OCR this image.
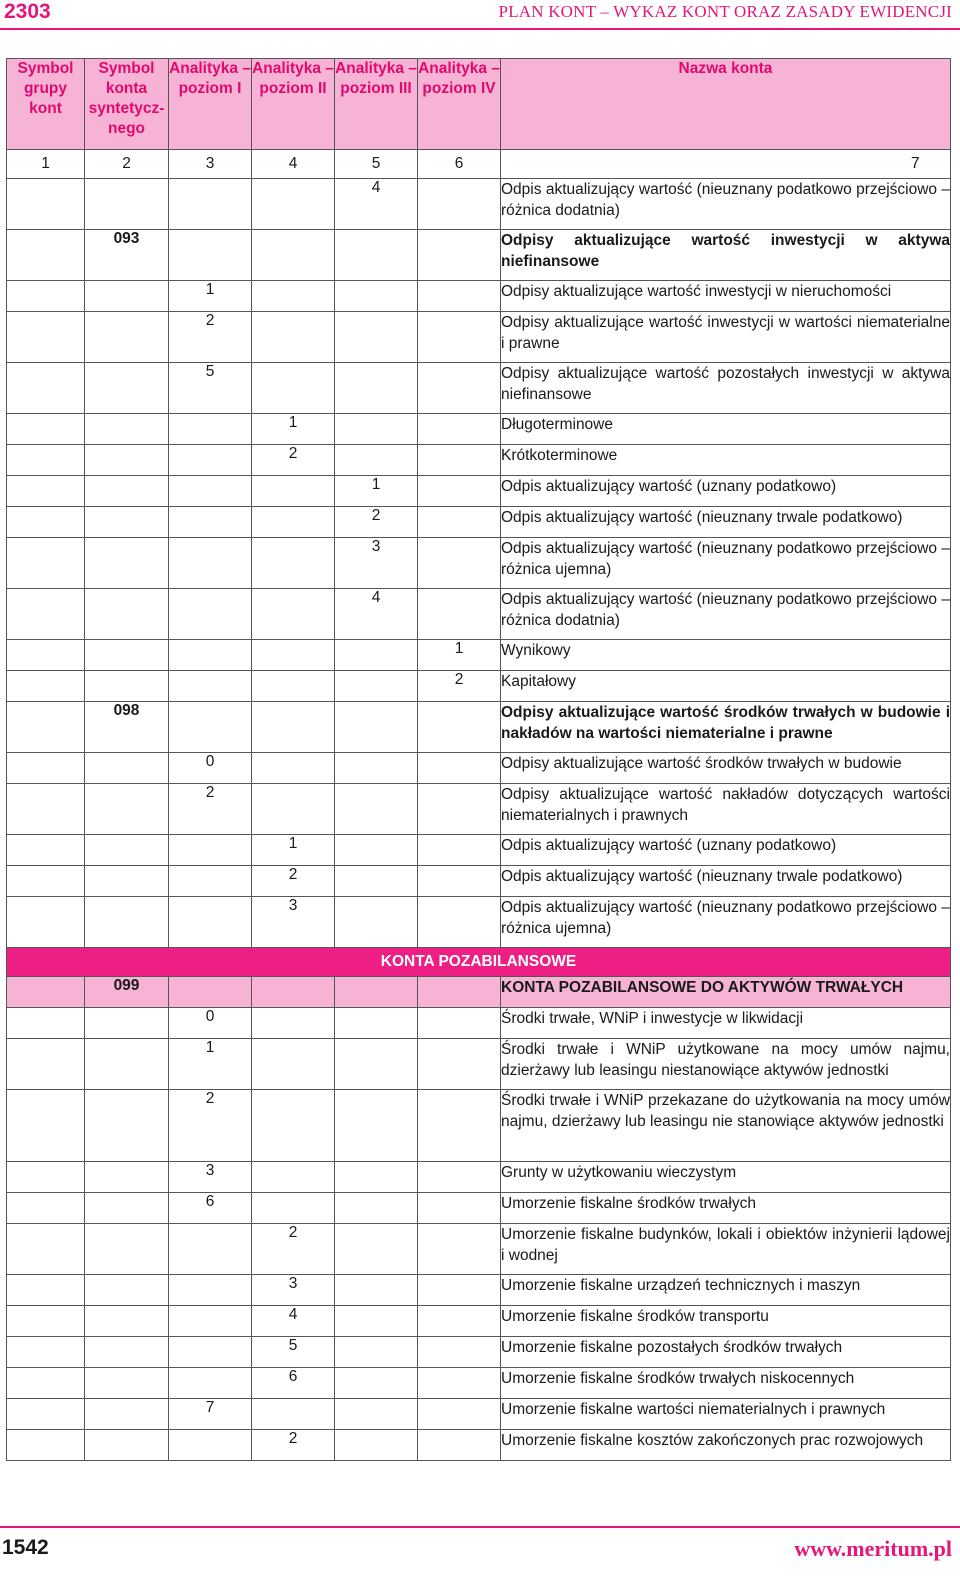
2303	PLAN KONT – WYKAZ KONT ORAZ ZASADY EWIDENCJI
Symbol grupy kont	Symbol konta syntetycz- nego	Analityka – poziom I	Analityka – poziom II	Analityka – poziom III	Analityka – poziom IV	Nazwa konta
1	2	3	4	5	6	7
				4		Odpis aktualizujący wartość (nieuznany podatkowo przejściowo – różnica dodatnia)
	093					Odpisy aktualizujące wartość inwestycji w aktywa niefinansowe
		1				Odpisy aktualizujące wartość inwestycji w nieruchomości
		2				Odpisy aktualizujące wartość inwestycji w wartości niematerialne i prawne
		5				Odpisy aktualizujące wartość pozostałych inwestycji w aktywa niefinansowe
			1			Długoterminowe
			2			Krótkoterminowe
				1		Odpis aktualizujący wartość (uznany podatkowo)
				2		Odpis aktualizujący wartość (nieuznany trwale podatkowo)
				3		Odpis aktualizujący wartość (nieuznany podatkowo przejściowo – różnica ujemna)
				4		Odpis aktualizujący wartość (nieuznany podatkowo przejściowo – różnica dodatnia)
					1	Wynikowy
					2	Kapitałowy
	098					Odpisy aktualizujące wartość środków trwałych w budowie i nakładów na wartości niematerialne i prawne
		0				Odpisy aktualizujące wartość środków trwałych w budowie
		2				Odpisy aktualizujące wartość nakładów dotyczących wartości niematerialnych i prawnych
			1			Odpis aktualizujący wartość (uznany podatkowo)
			2			Odpis aktualizujący wartość (nieuznany trwale podatkowo)
			3			Odpis aktualizujący wartość (nieuznany podatkowo przejściowo – różnica ujemna)
KONTA POZABILANSOWE						
	099					KONTA POZABILANSOWE DO AKTYWÓW TRWAŁYCH
		0				Środki trwałe, WNiP i inwestycje w likwidacji
		1				Środki trwałe i WNiP użytkowane na mocy umów najmu, dzierżawy lub leasingu niestanowiące aktywów jednostki
		2				Środki trwałe i WNiP przekazane do użytkowania na mocy umów najmu, dzierżawy lub leasingu nie stanowiące aktywów jednostki
		3				Grunty w użytkowaniu wieczystym
		6				Umorzenie fiskalne środków trwałych
			2			Umorzenie fiskalne budynków, lokali i obiektów inżynierii lądowej i wodnej
			3			Umorzenie fiskalne urządzeń technicznych i maszyn
			4			Umorzenie fiskalne środków transportu
			5			Umorzenie fiskalne pozostałych środków trwałych
			6			Umorzenie fiskalne środków trwałych niskocennych
		7				Umorzenie fiskalne wartości niematerialnych i prawnych
			2			Umorzenie fiskalne kosztów zakończonych prac rozwojowych
1542	www.meritum.pl
